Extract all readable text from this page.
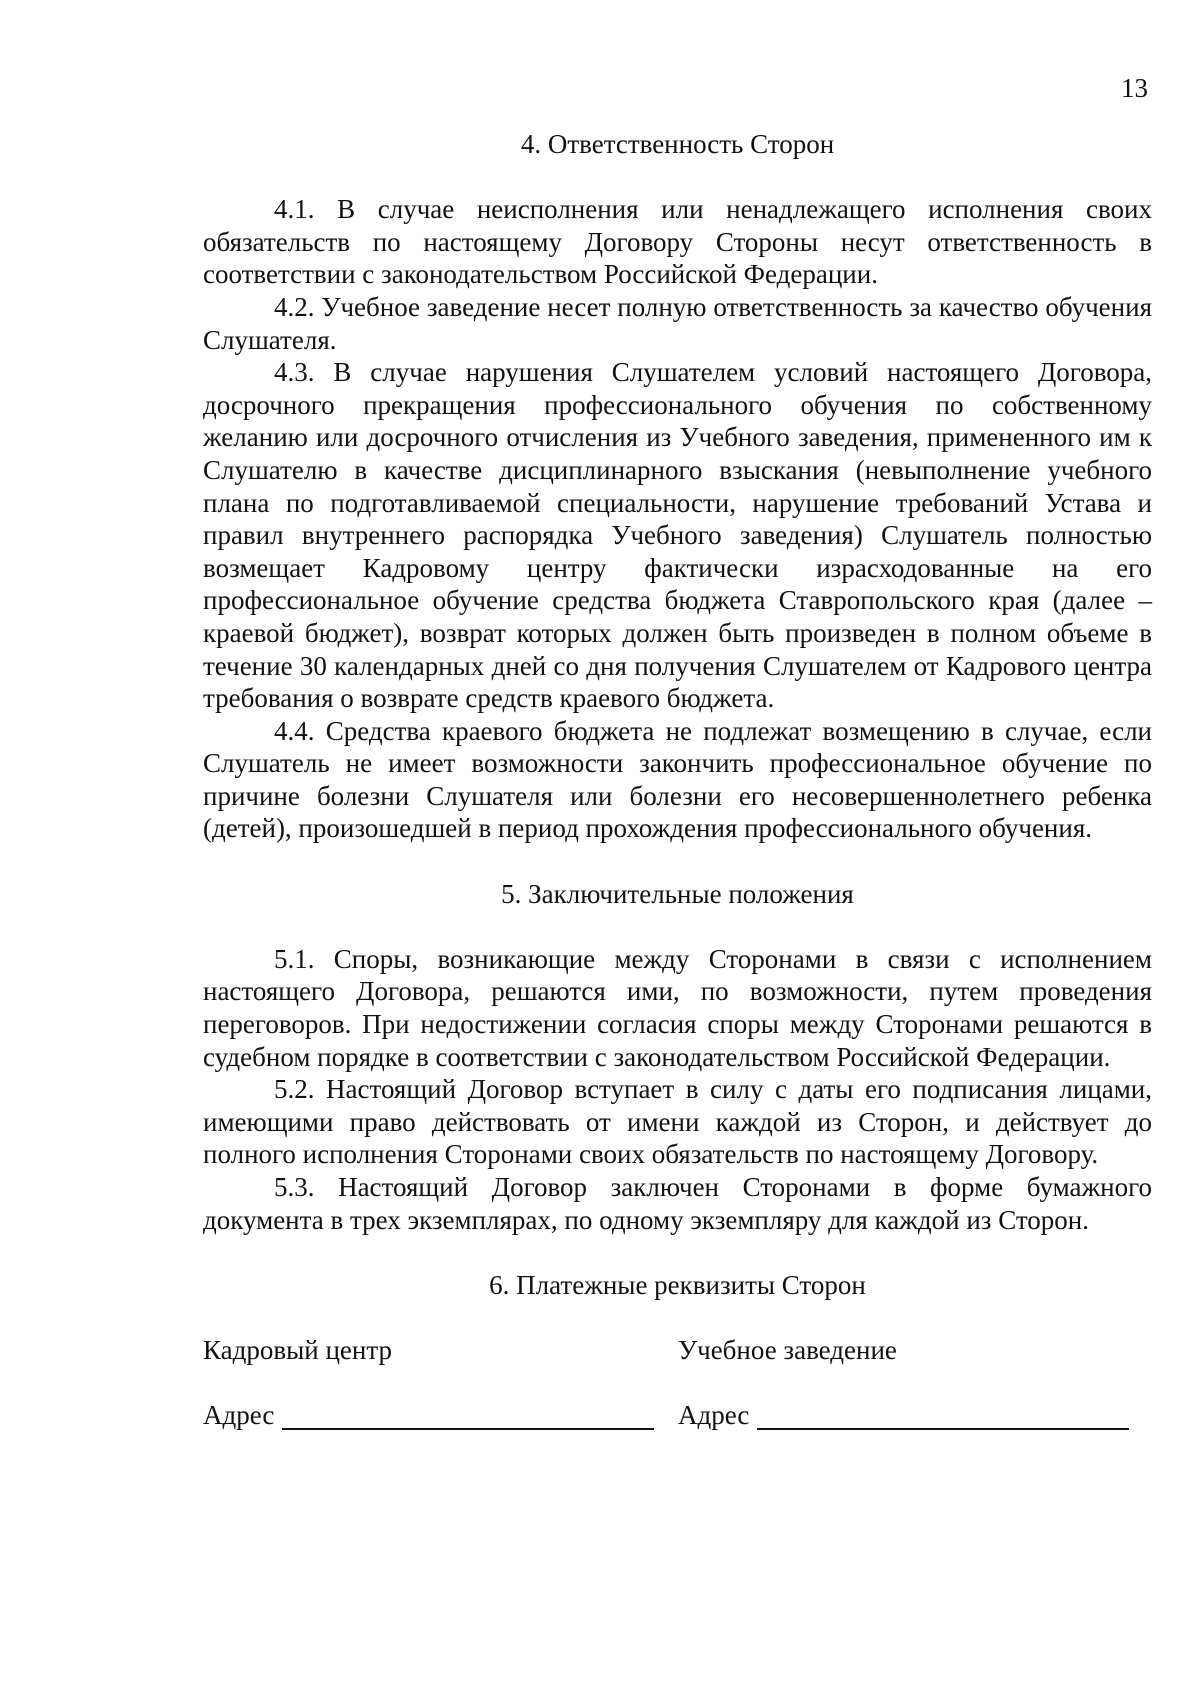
13

4. Ответственность Сторон

4.1. В случае неисполнения или ненадлежащего исполнения своих обязательств по настоящему Договору Стороны несут ответственность в соответствии с законодательством Российской Федерации.

4.2. Учебное заведение несет полную ответственность за качество обучения Слушателя.

4.3. В случае нарушения Слушателем условий настоящего Договора, досрочного прекращения профессионального обучения по собственному желанию или досрочного отчисления из Учебного заведения, примененного им к Слушателю в качестве дисциплинарного взыскания (невыполнение учебного плана по подготавливаемой специальности, нарушение требований Устава и правил внутреннего распорядка Учебного заведения) Слушатель полностью возмещает Кадровому центру фактически израсходованные на его профессиональное обучение средства бюджета Ставропольского края (далее – краевой бюджет), возврат которых должен быть произведен в полном объеме в течение 30 календарных дней со дня получения Слушателем от Кадрового центра требования о возврате средств краевого бюджета.

4.4. Средства краевого бюджета не подлежат возмещению в случае, если Слушатель не имеет возможности закончить профессиональное обучение по причине болезни Слушателя или болезни его несовершеннолетнего ребенка (детей), произошедшей в период прохождения профессионального обучения.

5. Заключительные положения

5.1. Споры, возникающие между Сторонами в связи с исполнением настоящего Договора, решаются ими, по возможности, путем проведения переговоров. При недостижении согласия споры между Сторонами решаются в судебном порядке в соответствии с законодательством Российской Федерации.

5.2. Настоящий Договор вступает в силу с даты его подписания лицами, имеющими право действовать от имени каждой из Сторон, и действует до полного исполнения Сторонами своих обязательств по настоящему Договору.

5.3. Настоящий Договор заключен Сторонами в форме бумажного документа в трех экземплярах, по одному экземпляру для каждой из Сторон.

6. Платежные реквизиты Сторон

Кадровый центр

Адрес

Учебное заведение

Адрес
